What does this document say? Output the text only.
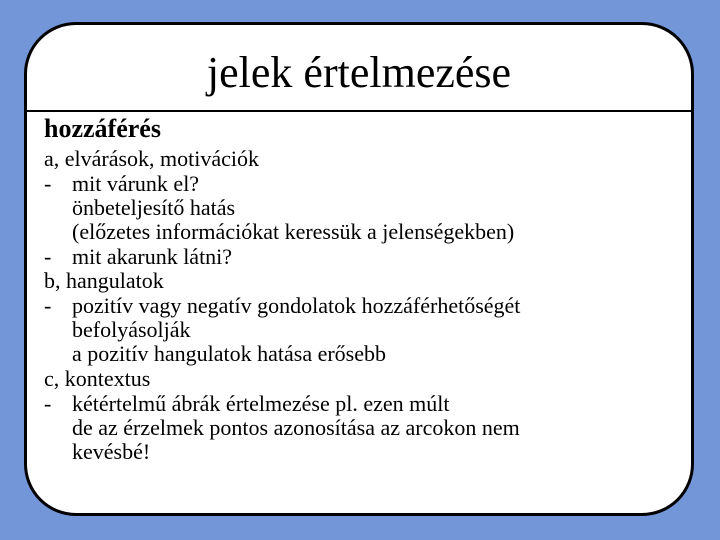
jelek értelmezése
hozzáférés
a, elvárások, motivációk
- mit várunk el?
önbeteljesítő hatás
(előzetes információkat keressük a jelenségekben)
- mit akarunk látni?
b, hangulatok
- pozitív vagy negatív gondolatok hozzáférhetőségét
befolyásolják
a pozitív hangulatok hatása erősebb
c, kontextus
- kétértelmű ábrák értelmezése pl. ezen múlt
de az érzelmek pontos azonosítása az arcokon nem
kevésbé!
